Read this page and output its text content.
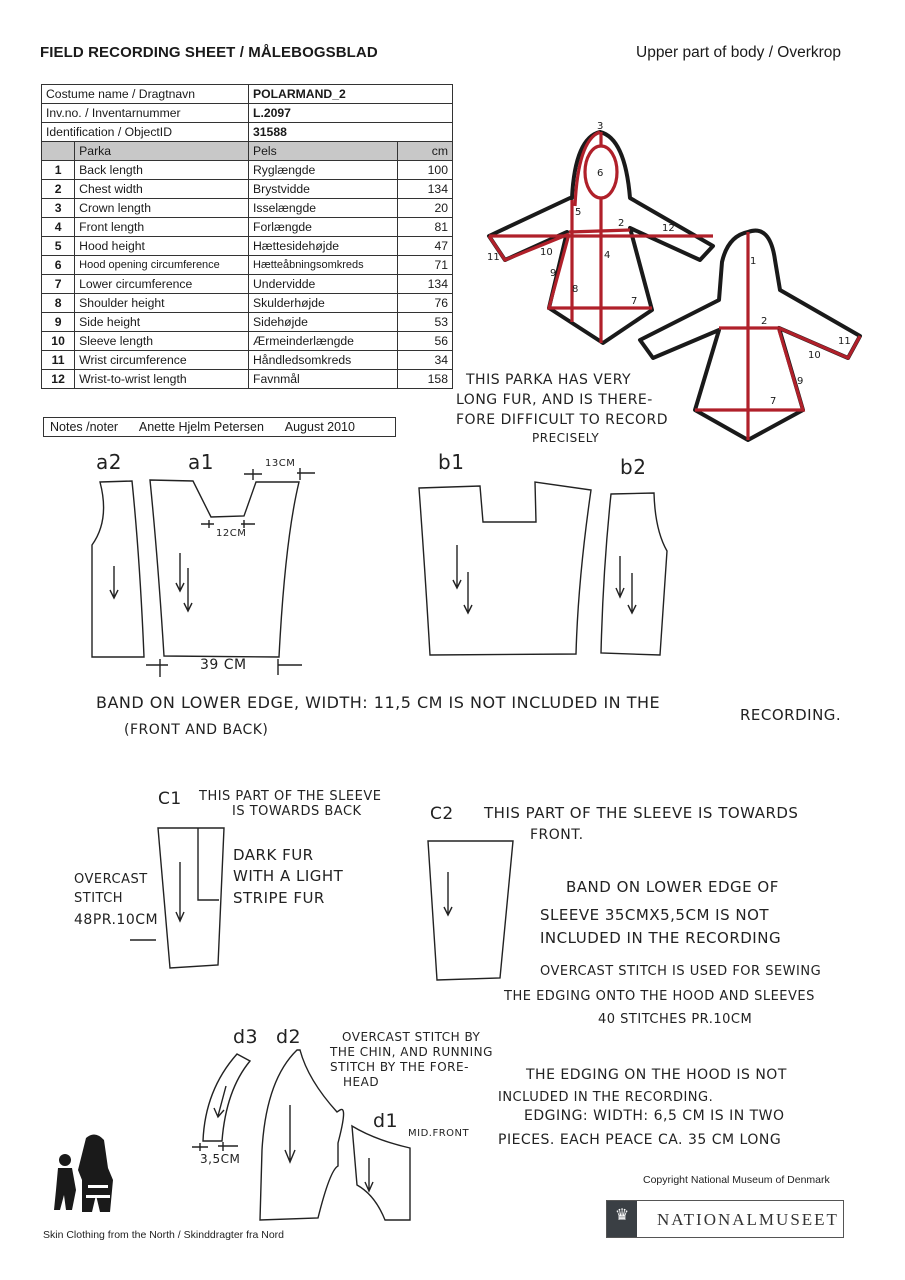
FIELD RECORDING SHEET / MÅLEBOGSBLAD	Upper part of body / Overkrop
Costume name / Dragtnavn		POLARMAND_2	
Inv.no. / Inventarnummer		L.2097	
Identification / ObjectID		31588	
	Parka	Pels	cm
1	Back length	Ryglængde	100
2	Chest width	Brystvidde	134
3	Crown length	Isselængde	20
4	Front length	Forlængde	81
5	Hood height	Hættesidehøjde	47
6	Hood opening circumference	Hætteåbningsomkreds	71
7	Lower circumference	Undervidde	134
8	Shoulder height	Skulderhøjde	76
9	Side height	Sidehøjde	53
10	Sleeve length	Ærmeinderlængde	56
11	Wrist circumference	Håndledsomkreds	34
12	Wrist-to-wrist length	Favnmål	158
Notes /noter Anette Hjelm Petersen August 2010
3
6
5
2	12
11	10	4
9
8
7
1
2
11
10
9
7
THIS PARKA HAS VERY
LONG FUR, AND IS THERE-
FORE DIFFICULT TO RECORD
PRECISELY
a2	a1	b1	b2
13CM
12CM
39 CM
BAND ON LOWER EDGE, WIDTH: 11,5 CM IS NOT INCLUDED IN THE
RECORDING.
(FRONT AND BACK)
C1 THIS PART OF THE SLEEVE
IS TOWARDS BACK
DARK FUR
WITH A LIGHT
STRIPE FUR
OVERCAST
STITCH
48PR.10CM
C2 THIS PART OF THE SLEEVE IS TOWARDS
FRONT.
BAND ON LOWER EDGE OF
SLEEVE 35CMX5,5CM IS NOT
INCLUDED IN THE RECORDING
OVERCAST STITCH IS USED FOR SEWING
THE EDGING ONTO THE HOOD AND SLEEVES
40 STITCHES PR.10CM
d3 d2
d1
OVERCAST STITCH BY
THE CHIN, AND RUNNING
STITCH BY THE FORE-
HEAD
MID.FRONT
3,5CM
THE EDGING ON THE HOOD IS NOT
INCLUDED IN THE RECORDING.
EDGING: WIDTH: 6,5 CM IS IN TWO
PIECES. EACH PEACE CA. 35 CM LONG
Skin Clothing from the North / Skinddragter fra Nord
Copyright National Museum of Denmark
♛	NATIONALMUSEET
